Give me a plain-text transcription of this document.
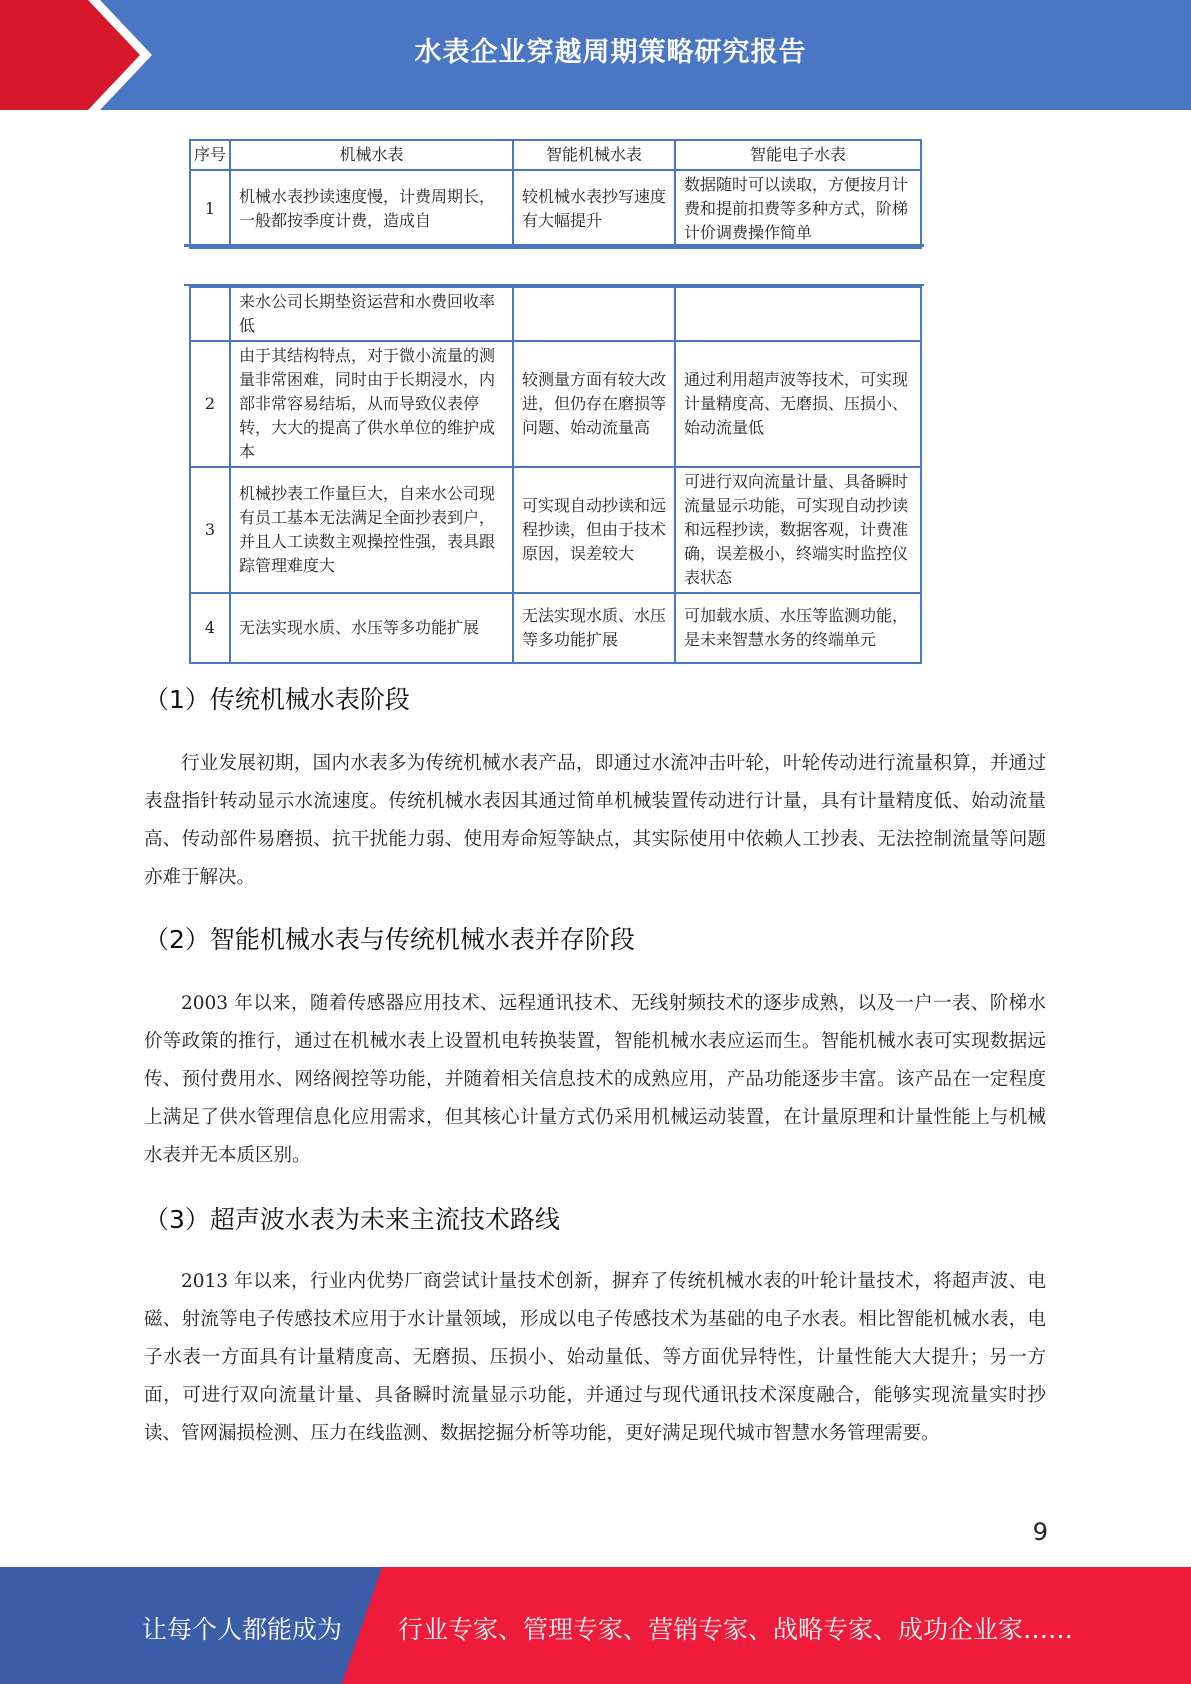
水表企业穿越周期策略研究报告
序号	机械水表	智能机械水表	智能电子水表
1	机械水表抄读速度慢，计费周期长，一般都按季度计费，造成自	较机械水表抄写速度有大幅提升	数据随时可以读取，方便按月计费和提前扣费等多种方式，阶梯计价调费操作简单
	来水公司长期垫资运营和水费回收率低		
2	由于其结构特点，对于微小流量的测量非常困难，同时由于长期浸水，内部非常容易结垢，从而导致仪表停转，大大的提高了供水单位的维护成本	较测量方面有较大改进，但仍存在磨损等问题、始动流量高	通过利用超声波等技术，可实现计量精度高、无磨损、压损小、始动流量低
3	机械抄表工作量巨大，自来水公司现有员工基本无法满足全面抄表到户，并且人工读数主观操控性强，表具跟踪管理难度大	可实现自动抄读和远程抄读，但由于技术原因，误差较大	可进行双向流量计量、具备瞬时流量显示功能，可实现自动抄读和远程抄读，数据客观，计费准确，误差极小，终端实时监控仪表状态
4	无法实现水质、水压等多功能扩展	无法实现水质、水压等多功能扩展	可加载水质、水压等监测功能，是未来智慧水务的终端单元
（1）传统机械水表阶段

行业发展初期，国内水表多为传统机械水表产品，即通过水流冲击叶轮，叶轮传动进行流量积算，并通过表盘指针转动显示水流速度。传统机械水表因其通过简单机械装置传动进行计量，具有计量精度低、始动流量高、传动部件易磨损、抗干扰能力弱、使用寿命短等缺点，其实际使用中依赖人工抄表、无法控制流量等问题亦难于解决。

（2）智能机械水表与传统机械水表并存阶段

2003 年以来，随着传感器应用技术、远程通讯技术、无线射频技术的逐步成熟，以及一户一表、阶梯水价等政策的推行，通过在机械水表上设置机电转换装置，智能机械水表应运而生。智能机械水表可实现数据远传、预付费用水、网络阀控等功能，并随着相关信息技术的成熟应用，产品功能逐步丰富。该产品在一定程度上满足了供水管理信息化应用需求，但其核心计量方式仍采用机械运动装置，在计量原理和计量性能上与机械水表并无本质区别。

（3）超声波水表为未来主流技术路线

2013 年以来，行业内优势厂商尝试计量技术创新，摒弃了传统机械水表的叶轮计量技术，将超声波、电磁、射流等电子传感技术应用于水计量领域，形成以电子传感技术为基础的电子水表。相比智能机械水表，电子水表一方面具有计量精度高、无磨损、压损小、始动量低、等方面优异特性，计量性能大大提升；另一方面，可进行双向流量计量、具备瞬时流量显示功能，并通过与现代通讯技术深度融合，能够实现流量实时抄读、管网漏损检测、压力在线监测、数据挖掘分析等功能，更好满足现代城市智慧水务管理需要。

9
让每个人都能成为 行业专家、管理专家、营销专家、战略专家、成功企业家……
